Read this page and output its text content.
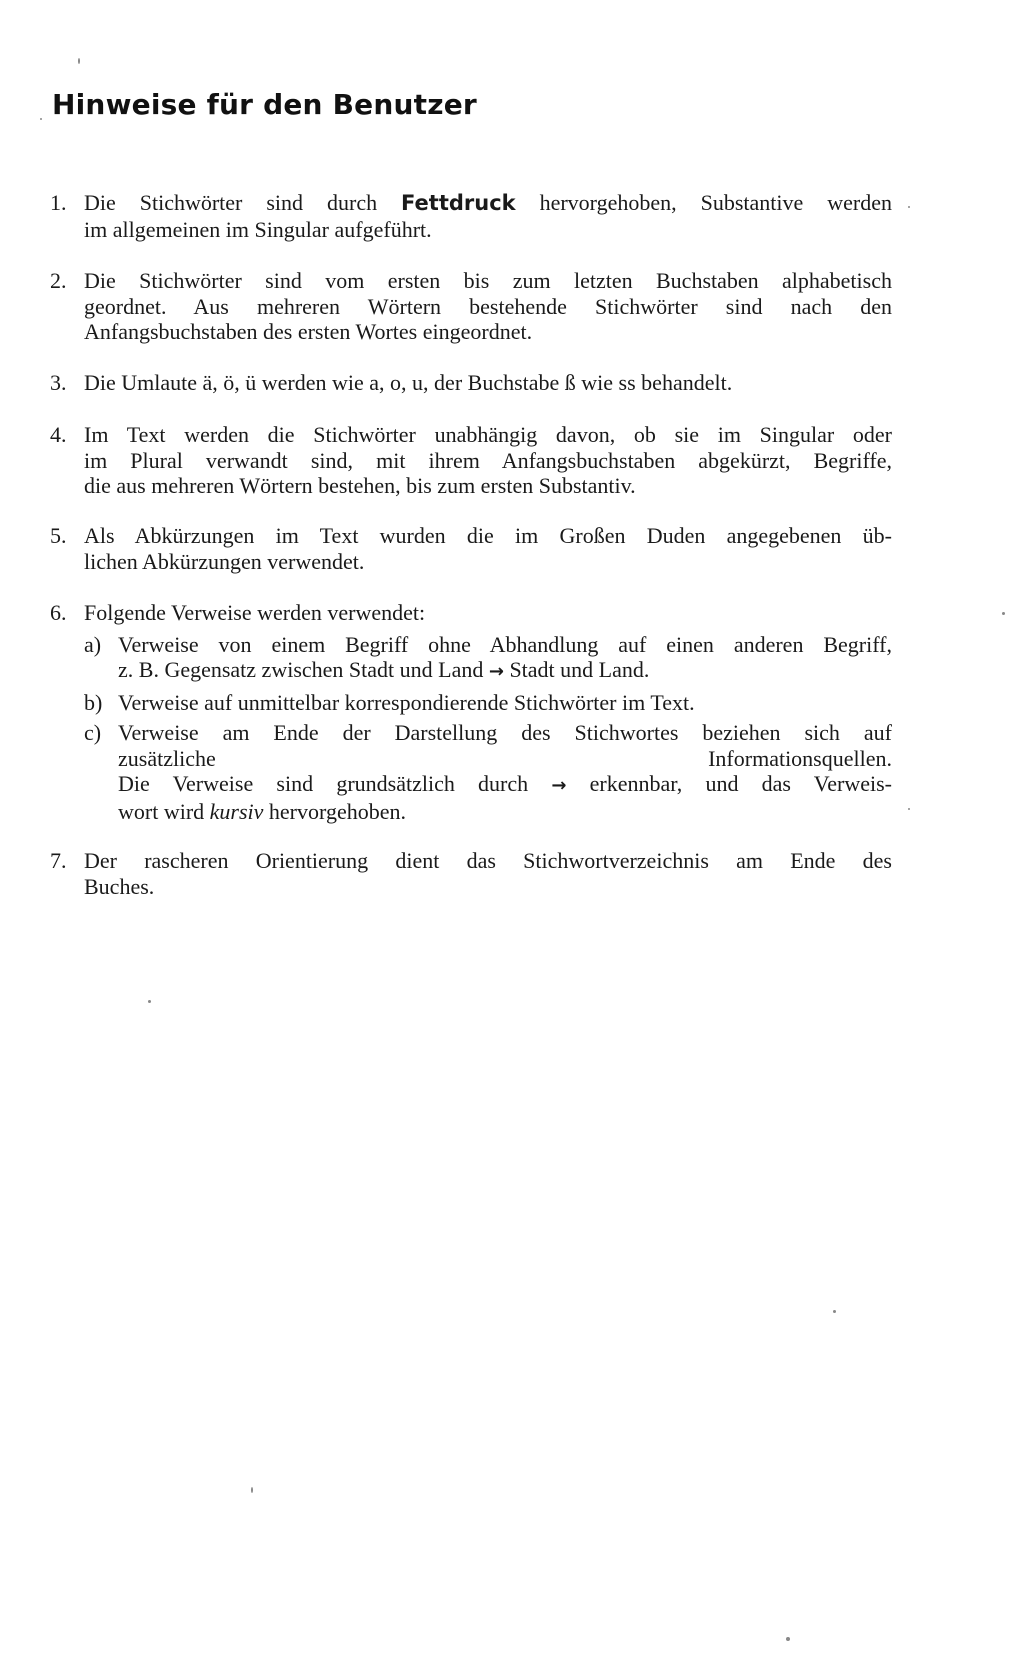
Hinweise für den Benutzer
1. Die Stichwörter sind durch Fettdruck hervorgehoben, Substantive werden
im allgemeinen im Singular aufgeführt.
2. Die Stichwörter sind vom ersten bis zum letzten Buchstaben alphabetisch
geordnet. Aus mehreren Wörtern bestehende Stichwörter sind nach den
Anfangsbuchstaben des ersten Wortes eingeordnet.
3. Die Umlaute ä, ö, ü werden wie a, o, u, der Buchstabe ß wie ss behandelt.
4. Im Text werden die Stichwörter unabhängig davon, ob sie im Singular oder
im Plural verwandt sind, mit ihrem Anfangsbuchstaben abgekürzt, Begriffe,
die aus mehreren Wörtern bestehen, bis zum ersten Substantiv.
5. Als Abkürzungen im Text wurden die im Großen Duden angegebenen üb-
lichen Abkürzungen verwendet.
6. Folgende Verweise werden verwendet:
a) Verweise von einem Begriff ohne Abhandlung auf einen anderen Begriff,
z. B. Gegensatz zwischen Stadt und Land → Stadt und Land.
b) Verweise auf unmittelbar korrespondierende Stichwörter im Text.
c) Verweise am Ende der Darstellung des Stichwortes beziehen sich auf
zusätzliche Informationsquellen.
Die Verweise sind grundsätzlich durch → erkennbar, und das Verweis-
wort wird kursiv hervorgehoben.
7. Der rascheren Orientierung dient das Stichwortverzeichnis am Ende des
Buches.
